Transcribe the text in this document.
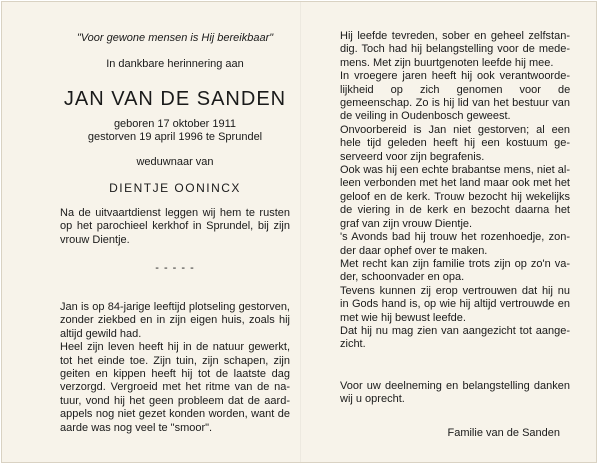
"Voor gewone mensen is Hij bereikbaar"
In dankbare herinnering aan
JAN VAN DE SANDEN
geboren 17 oktober 1911
gestorven 19 april 1996 te Sprundel
weduwnaar van
DIENTJE OONINCX
Na de uitvaartdienst leggen wij hem te rusten
op het parochieel kerkhof in Sprundel, bij zijn
vrouw Dientje.
- - - - -
Jan is op 84-jarige leeftijd plotseling gestorven,
zonder ziekbed en in zijn eigen huis, zoals hij
altijd gewild had.
Heel zijn leven heeft hij in de natuur gewerkt,
tot het einde toe. Zijn tuin, zijn schapen, zijn
geiten en kippen heeft hij tot de laatste dag
verzorgd. Vergroeid met het ritme van de na-
tuur, vond hij het geen probleem dat de aard-
appels nog niet gezet konden worden, want de
aarde was nog veel te "smoor".
Hij leefde tevreden, sober en geheel zelfstan-
dig. Toch had hij belangstelling voor de medе-
mens. Met zijn buurtgenoten leefde hij mee.
In vroegere jaren heeft hij ook verantwoorde-
lijkheid op zich genomen voor de
gemeenschap. Zo is hij lid van het bestuur van
de veiling in Oudenbosch geweest.
Onvoorbereid is Jan niet gestorven; al een
hele tijd geleden heeft hij een kostuum ge-
serveerd voor zijn begrafenis.
Ook was hij een echte brabantse mens, niet al-
leen verbonden met het land maar ook met het
geloof en de kerk. Trouw bezocht hij wekelijks
de viering in de kerk en bezocht daarna het
graf van zijn vrouw Dientje.
's Avonds bad hij trouw het rozenhoedje, zon-
der daar ophef over te maken.
Met recht kan zijn familie trots zijn op zo'n va-
der, schoonvader en opa.
Tevens kunnen zij erop vertrouwen dat hij nu
in Gods hand is, op wie hij altijd vertrouwde en
met wie hij bewust leefde.
Dat hij nu mag zien van aangezicht tot aange-
zicht.
Voor uw deelneming en belangstelling danken
wij u oprecht.
Familie van de Sanden
